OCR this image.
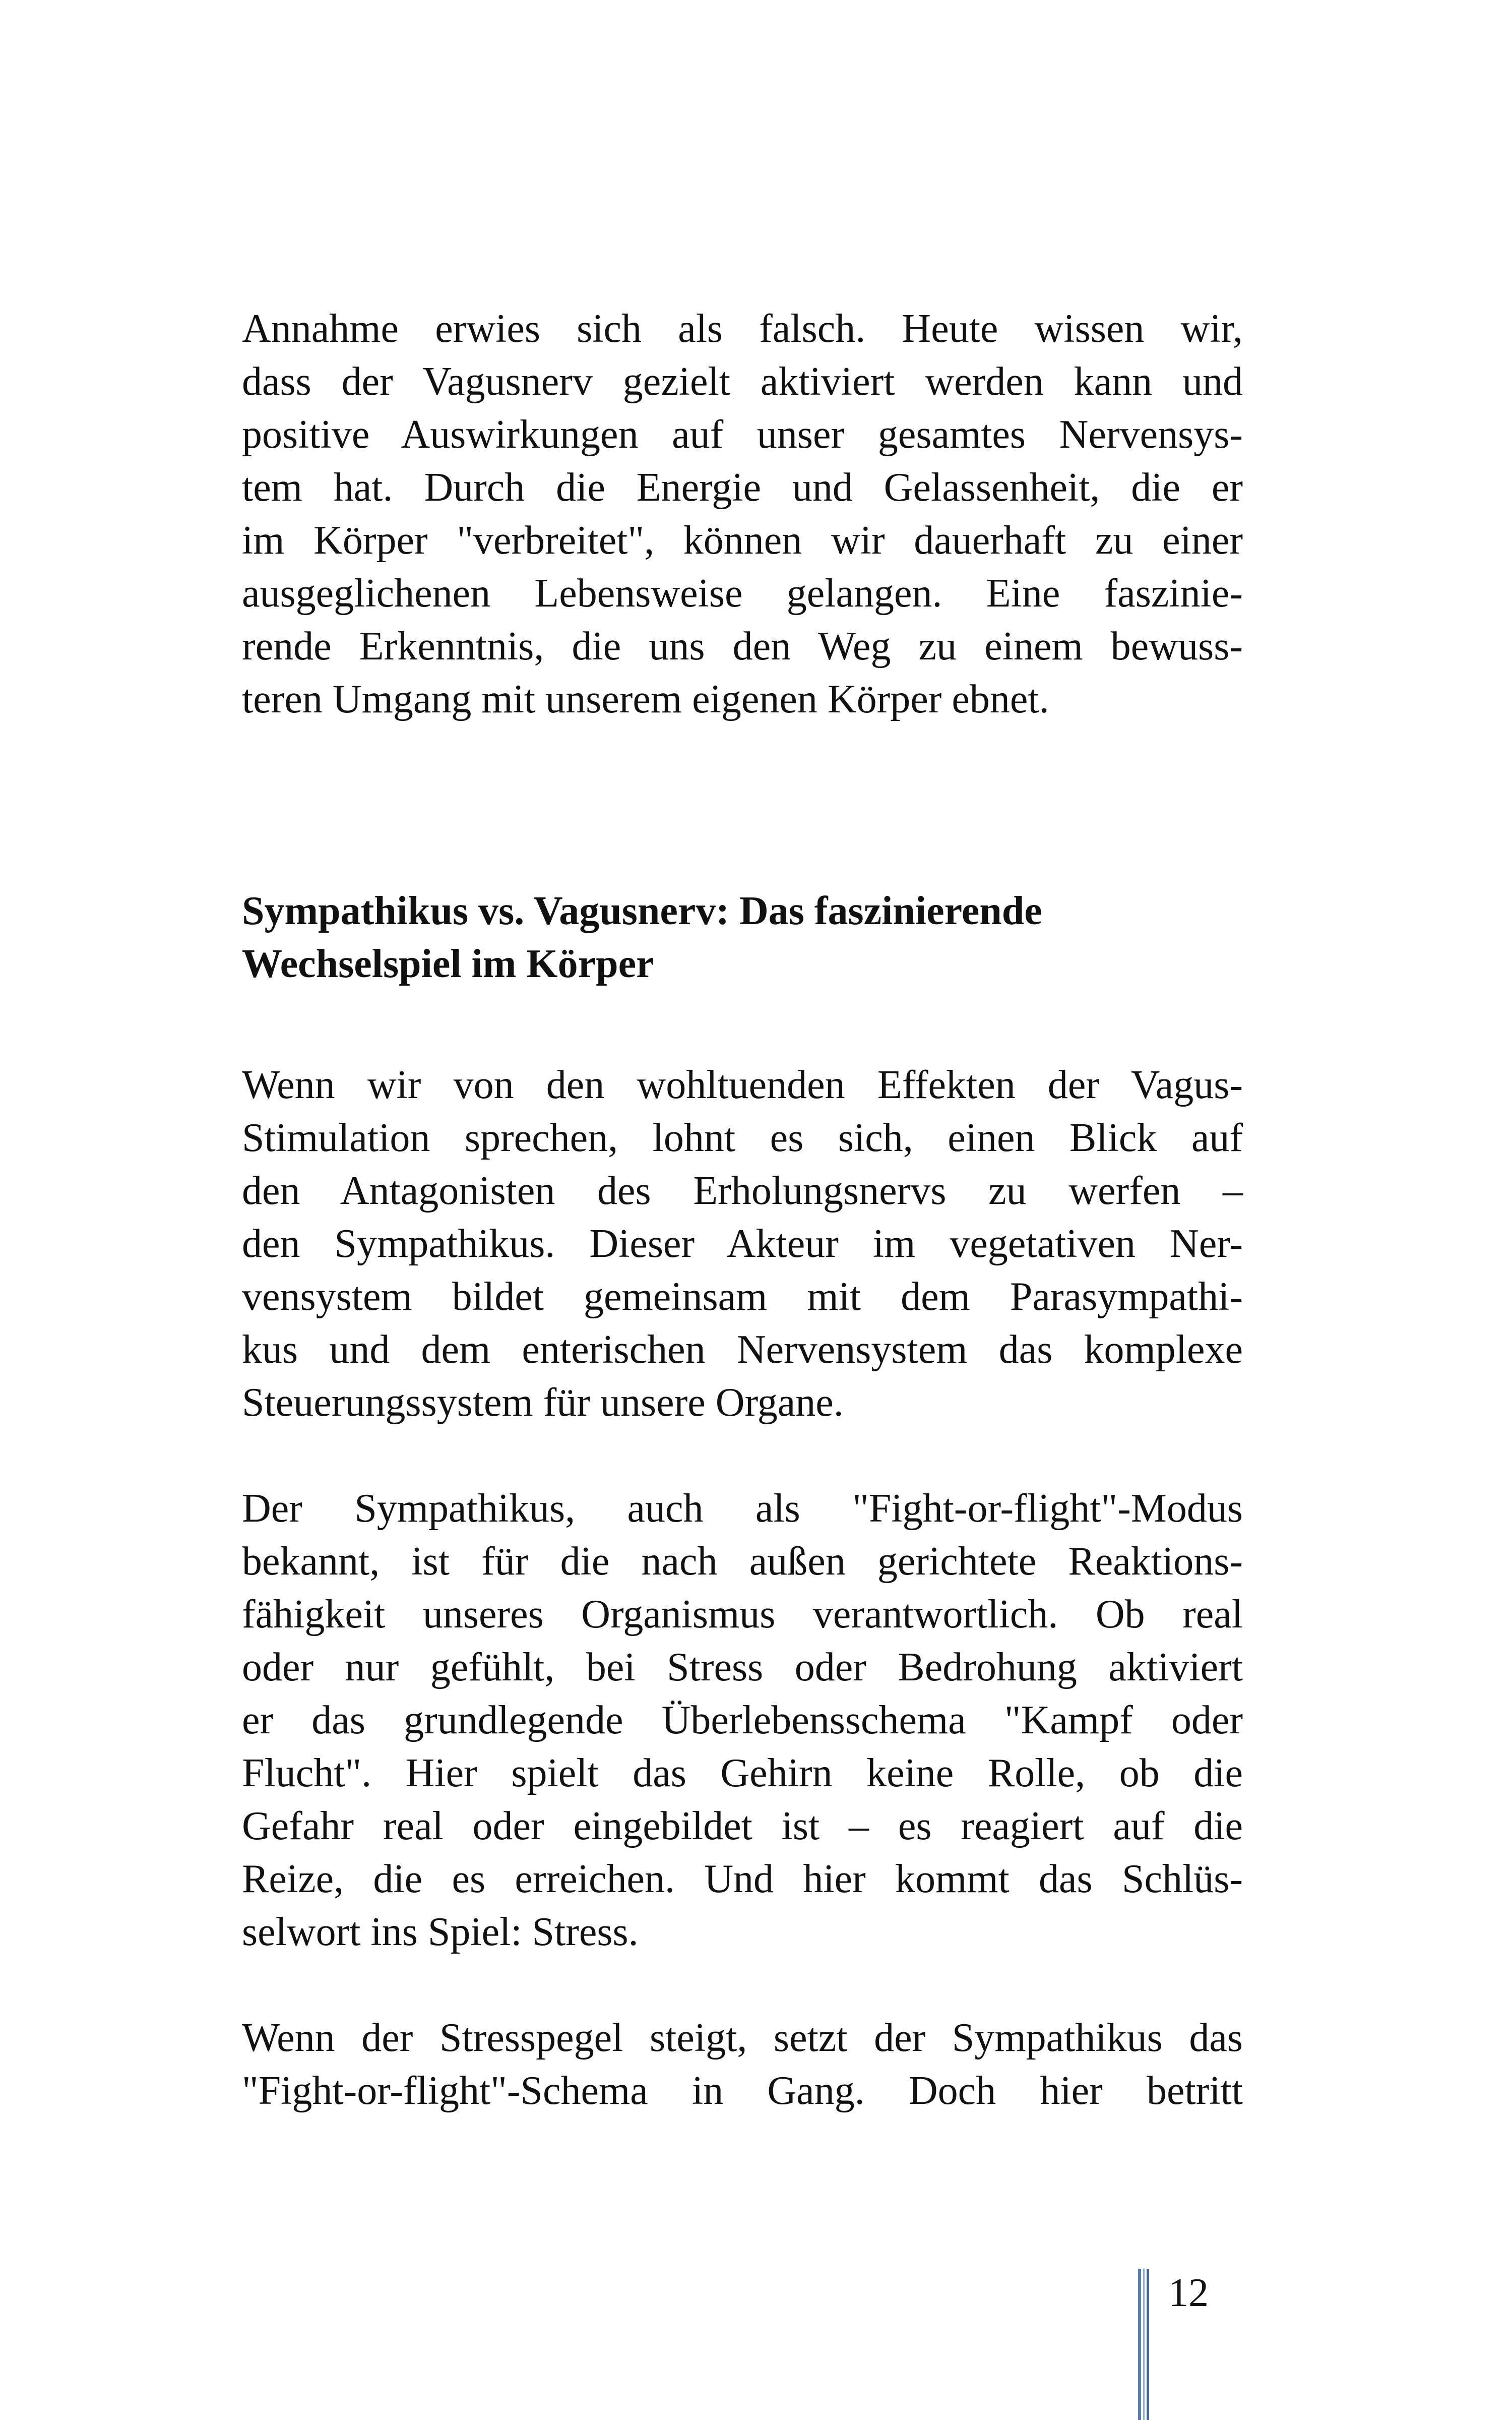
Annahme erwies sich als falsch. Heute wissen wir,
dass der Vagusnerv gezielt aktiviert werden kann und
positive Auswirkungen auf unser gesamtes Nervensys-
tem hat. Durch die Energie und Gelassenheit, die er
im Körper "verbreitet", können wir dauerhaft zu einer
ausgeglichenen Lebensweise gelangen. Eine faszinie-
rende Erkenntnis, die uns den Weg zu einem bewuss-
teren Umgang mit unserem eigenen Körper ebnet.

Sympathikus vs. Vagusnerv: Das faszinierende
Wechselspiel im Körper

Wenn wir von den wohltuenden Effekten der Vagus-
Stimulation sprechen, lohnt es sich, einen Blick auf
den Antagonisten des Erholungsnervs zu werfen –
den Sympathikus. Dieser Akteur im vegetativen Ner-
vensystem bildet gemeinsam mit dem Parasympathi-
kus und dem enterischen Nervensystem das komplexe
Steuerungssystem für unsere Organe.

Der Sympathikus, auch als "Fight-or-flight"-Modus
bekannt, ist für die nach außen gerichtete Reaktions-
fähigkeit unseres Organismus verantwortlich. Ob real
oder nur gefühlt, bei Stress oder Bedrohung aktiviert
er das grundlegende Überlebensschema "Kampf oder
Flucht". Hier spielt das Gehirn keine Rolle, ob die
Gefahr real oder eingebildet ist – es reagiert auf die
Reize, die es erreichen. Und hier kommt das Schlüs-
selwort ins Spiel: Stress.

Wenn der Stresspegel steigt, setzt der Sympathikus das
"Fight-or-flight"-Schema in Gang. Doch hier betritt

12
